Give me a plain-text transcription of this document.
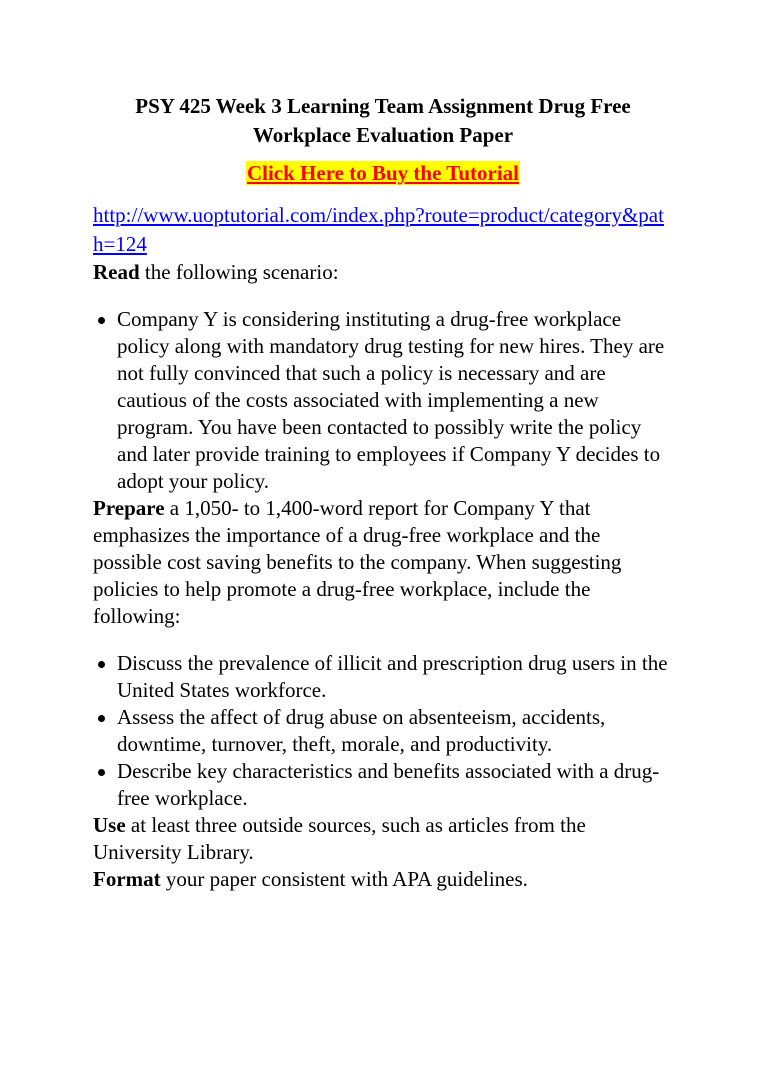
PSY 425 Week 3 Learning Team Assignment Drug Free
Workplace Evaluation Paper
Click Here to Buy the Tutorial
http://www.uoptutorial.com/index.php?route=product/category&path=124

Read the following scenario:

Company Y is considering instituting a drug-free workplace policy along with mandatory drug testing for new hires. They are not fully convinced that such a policy is necessary and are cautious of the costs associated with implementing a new program. You have been contacted to possibly write the policy and later provide training to employees if Company Y decides to adopt your policy.

Prepare a 1,050- to 1,400-word report for Company Y that emphasizes the importance of a drug-free workplace and the possible cost saving benefits to the company. When suggesting policies to help promote a drug-free workplace, include the following:

Discuss the prevalence of illicit and prescription drug users in the United States workforce.
Assess the affect of drug abuse on absenteeism, accidents, downtime, turnover, theft, morale, and productivity.
Describe key characteristics and benefits associated with a drug-free workplace.

Use at least three outside sources, such as articles from the University Library.

Format your paper consistent with APA guidelines.
